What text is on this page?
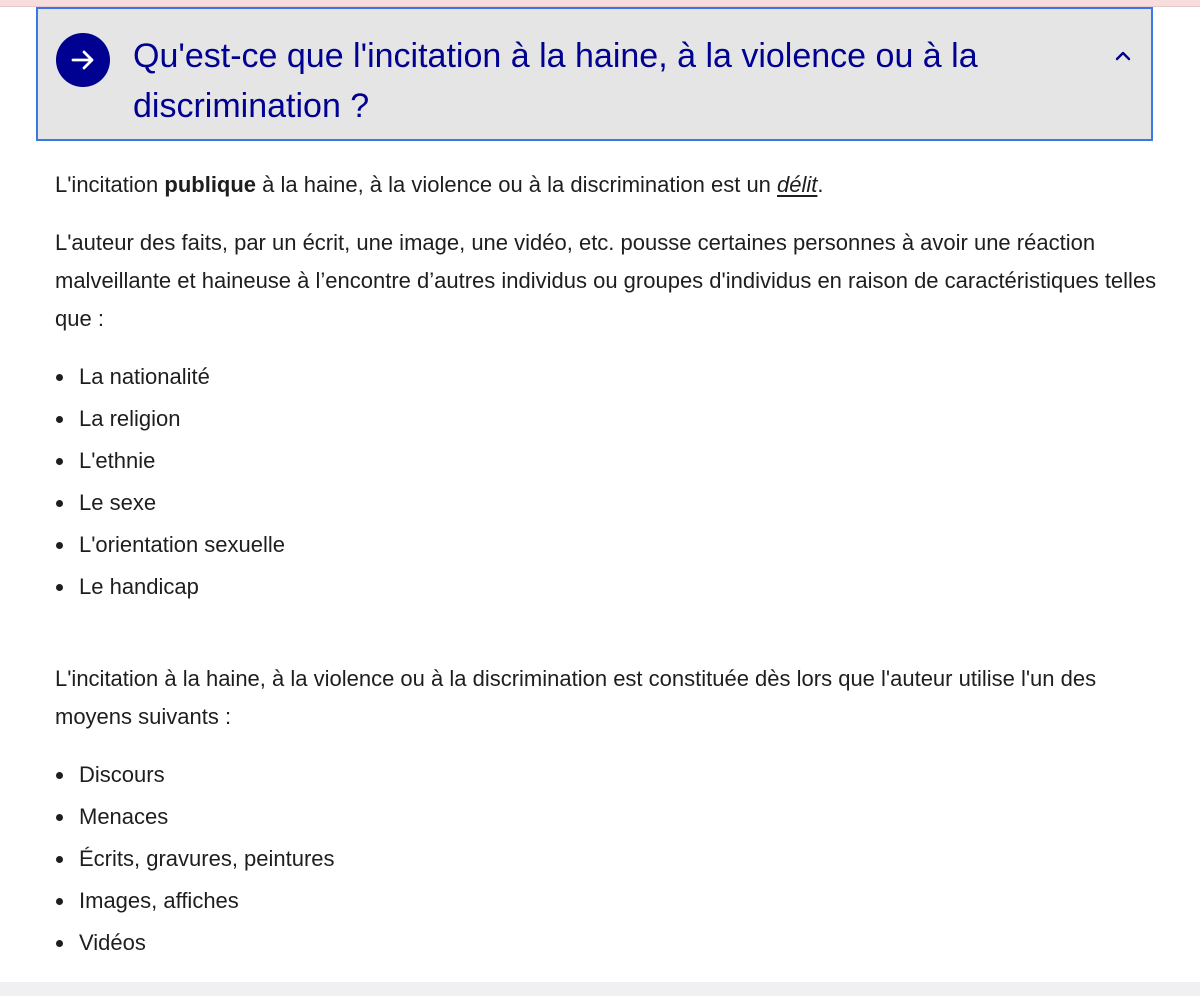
Qu'est-ce que l'incitation à la haine, à la violence ou à la discrimination ?

L'incitation publique à la haine, à la violence ou à la discrimination est un délit.

L'auteur des faits, par un écrit, une image, une vidéo, etc. pousse certaines personnes à avoir une réaction malveillante et haineuse à l’encontre d’autres individus ou groupes d'individus en raison de caractéristiques telles que :

La nationalité
La religion
L'ethnie
Le sexe
L'orientation sexuelle
Le handicap

L'incitation à la haine, à la violence ou à la discrimination est constituée dès lors que l'auteur utilise l'un des moyens suivants :

Discours
Menaces
Écrits, gravures, peintures
Images, affiches
Vidéos
